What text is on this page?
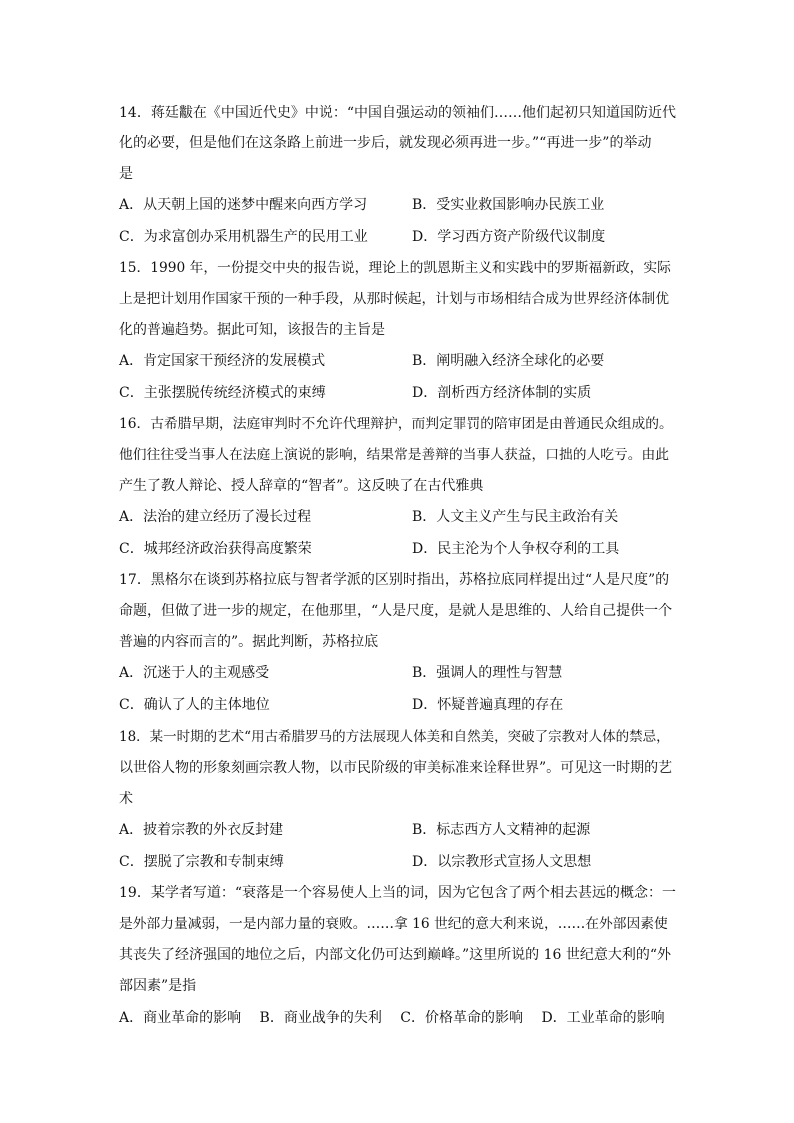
14．蒋廷黻在《中国近代史》中说：“中国自强运动的领袖们……他们起初只知道国防近代
化的必要，但是他们在这条路上前进一步后，就发现必须再进一步。”“再进一步”的举动
是
A．从天朝上国的迷梦中醒来向西方学习	B．受实业救国影响办民族工业
C．为求富创办采用机器生产的民用工业	D．学习西方资产阶级代议制度
15．1990 年，一份提交中央的报告说，理论上的凯恩斯主义和实践中的罗斯福新政，实际
上是把计划用作国家干预的一种手段，从那时候起，计划与市场相结合成为世界经济体制优
化的普遍趋势。据此可知，该报告的主旨是
A．肯定国家干预经济的发展模式	B．阐明融入经济全球化的必要
C．主张摆脱传统经济模式的束缚	D．剖析西方经济体制的实质
16．古希腊早期，法庭审判时不允许代理辩护，而判定罪罚的陪审团是由普通民众组成的。
他们往往受当事人在法庭上演说的影响，结果常是善辩的当事人获益，口拙的人吃亏。由此
产生了教人辩论、授人辞章的“智者”。这反映了在古代雅典
A．法治的建立经历了漫长过程	B．人文主义产生与民主政治有关
C．城邦经济政治获得高度繁荣	D．民主沦为个人争权夺利的工具
17．黑格尔在谈到苏格拉底与智者学派的区别时指出，苏格拉底同样提出过“人是尺度”的
命题，但做了进一步的规定，在他那里，“人是尺度，是就人是思维的、人给自己提供一个
普遍的内容而言的”。据此判断，苏格拉底
A．沉迷于人的主观感受	B．强调人的理性与智慧
C．确认了人的主体地位	D．怀疑普遍真理的存在
18．某一时期的艺术“用古希腊罗马的方法展现人体美和自然美，突破了宗教对人体的禁忌，
以世俗人物的形象刻画宗教人物，以市民阶级的审美标准来诠释世界”。可见这一时期的艺
术
A．披着宗教的外衣反封建	B．标志西方人文精神的起源
C．摆脱了宗教和专制束缚	D．以宗教形式宣扬人文思想
19．某学者写道：“衰落是一个容易使人上当的词，因为它包含了两个相去甚远的概念：一
是外部力量减弱，一是内部力量的衰败。……拿 16 世纪的意大利来说，……在外部因素使
其丧失了经济强国的地位之后，内部文化仍可达到巅峰。”这里所说的 16 世纪意大利的“外
部因素”是指
A．商业革命的影响　 B．商业战争的失利　 C．价格革命的影响　 D．工业革命的影响
